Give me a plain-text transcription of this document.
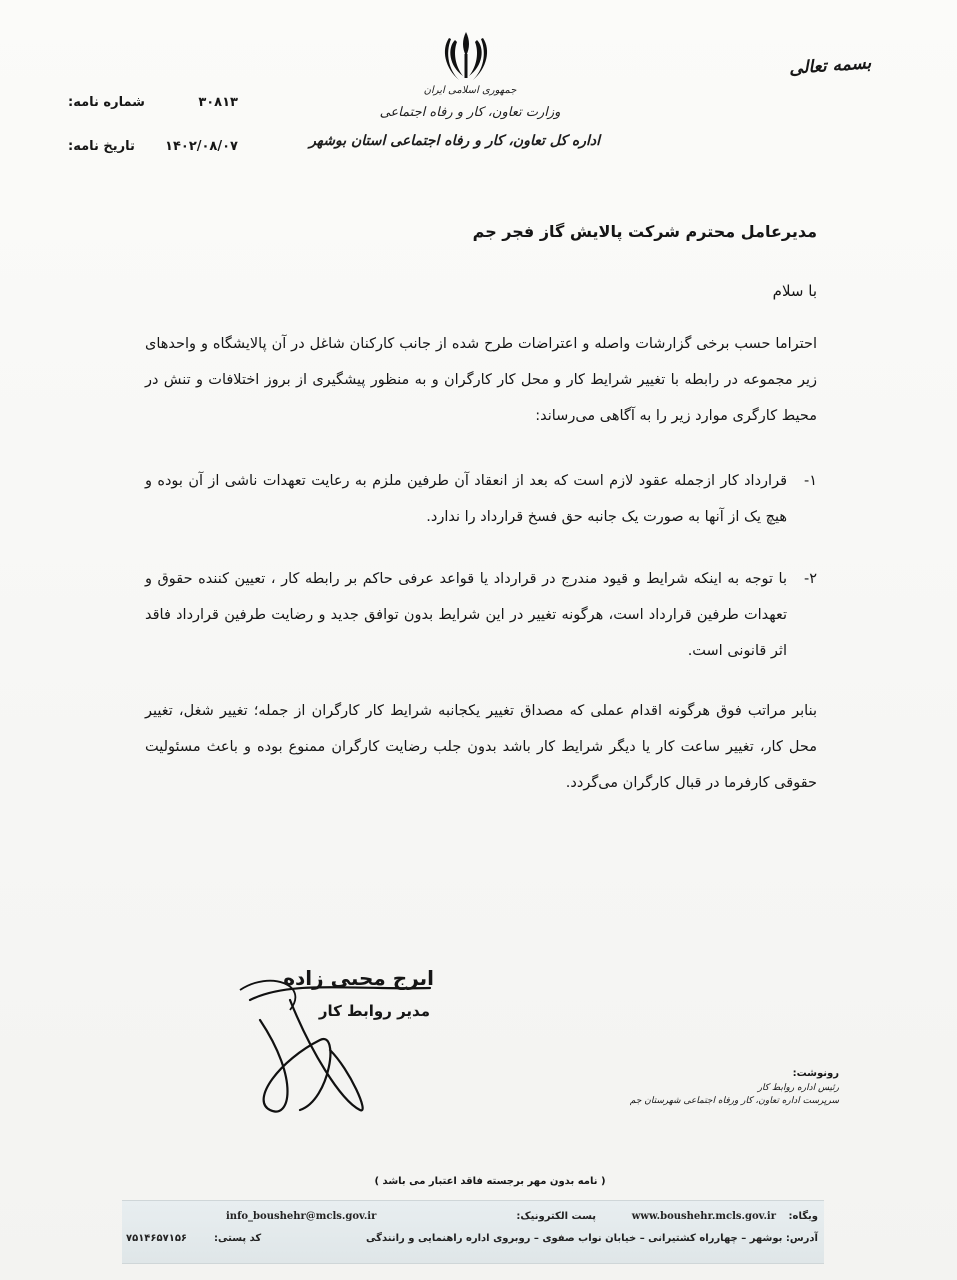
بسمه تعالی
جمهوری اسلامی ایران
وزارت تعاون، کار و رفاه اجتماعی
اداره کل تعاون، کار و رفاه اجتماعی استان بوشهر
شماره نامه:	۳۰۸۱۳
تاریخ نامه: ۱۴۰۲/۰۸/۰۷
مدیرعامل محترم شرکت پالایش گاز فجر جم
با سلام
احتراما حسب برخی گزارشات واصله و اعتراضات طرح شده از جانب کارکنان شاغل در آن پالایشگاه و واحدهای زیر مجموعه در رابطه با تغییر شرایط کار و محل کار کارگران و به منظور پیشگیری از بروز اختلافات و تنش در محیط کارگری موارد زیر را به آگاهی می‌رساند:
۱-
قرارداد کار ازجمله عقود لازم است که بعد از انعقاد آن طرفین ملزم به رعایت تعهدات ناشی از آن بوده و هیچ یک از آنها به صورت یک جانبه حق فسخ قرارداد را ندارد.
۲-
با توجه به اینکه شرایط و قیود مندرج در قرارداد یا قواعد عرفی حاکم بر رابطه کار ، تعیین کننده حقوق و تعهدات طرفین قرارداد است، هرگونه تغییر در این شرایط بدون توافق جدید و رضایت طرفین قرارداد فاقد اثر قانونی است.
بنابر مراتب فوق هرگونه اقدام عملی که مصداق تغییر یکجانبه شرایط کار کارگران از جمله؛ تغییر شغل، تغییر محل کار، تغییر ساعت کار یا دیگر شرایط کار باشد بدون جلب رضایت کارگران ممنوع بوده و باعث مسئولیت حقوقی کارفرما در قبال کارگران می‌گردد.
ایرج محبی زاده
مدیر روابط کار
رونوشت:
رئیس اداره روابط کار
سرپرست اداره تعاون، کار ورفاه اجتماعی شهرستان جم
( نامه بدون مهر برجسته فاقد اعتبار می باشد )
وبگاه:
www.boushehr.mcls.gov.ir
پست الکترونیک:
info_boushehr@mcls.gov.ir
آدرس: بوشهر – چهارراه کشتیرانی – خیابان نواب صفوی – روبروی اداره راهنمایی و رانندگی
کد پستی:
۷۵۱۴۶۵۷۱۵۶
